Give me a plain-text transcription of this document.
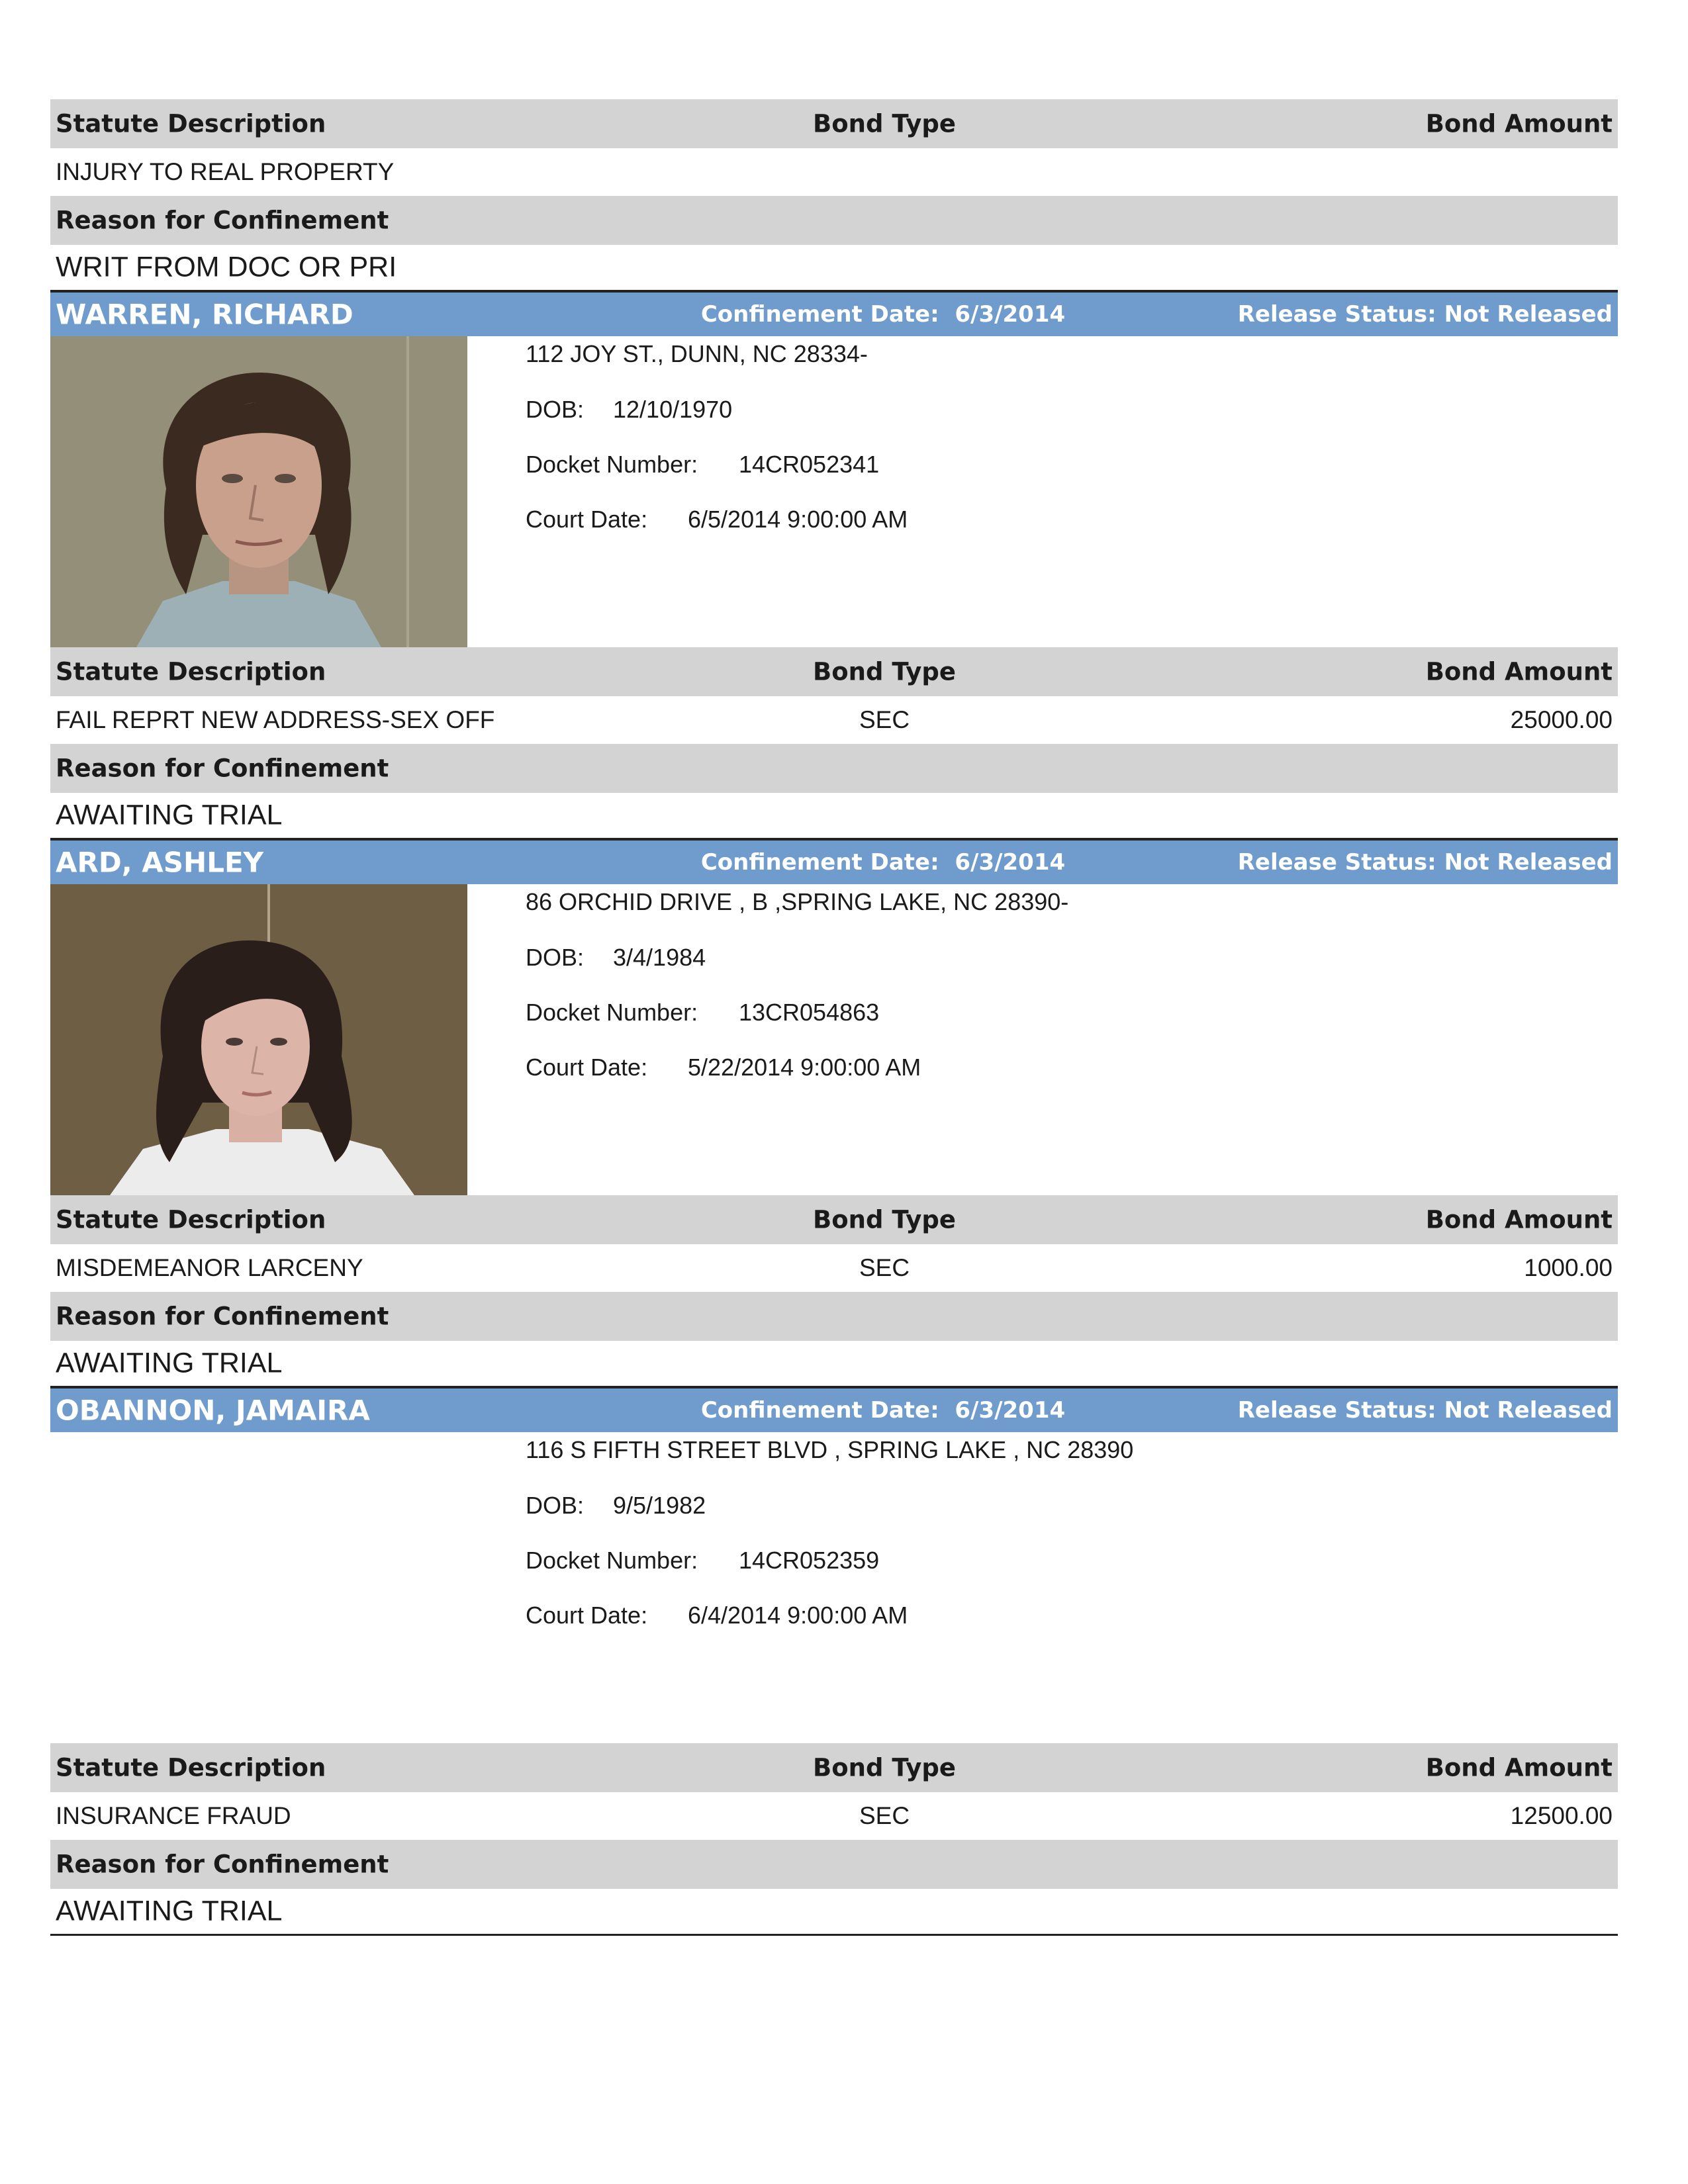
Statute Description	Bond Type	Bond Amount
INJURY TO REAL PROPERTY
Reason for Confinement
WRIT FROM DOC OR PRI
WARREN, RICHARD	Confinement Date: 6/3/2014	Release Status: Not Released
112 JOY ST., DUNN, NC 28334-
DOB: 12/10/1970
Docket Number: 14CR052341
Court Date: 6/5/2014 9:00:00 AM
Statute Description	Bond Type	Bond Amount
FAIL REPRT NEW ADDRESS-SEX OFF	SEC	25000.00
Reason for Confinement
AWAITING TRIAL
ARD, ASHLEY	Confinement Date: 6/3/2014	Release Status: Not Released
86 ORCHID DRIVE , B ,SPRING LAKE, NC 28390-
DOB: 3/4/1984
Docket Number: 13CR054863
Court Date: 5/22/2014 9:00:00 AM
Statute Description	Bond Type	Bond Amount
MISDEMEANOR LARCENY	SEC	1000.00
Reason for Confinement
AWAITING TRIAL
OBANNON, JAMAIRA	Confinement Date: 6/3/2014	Release Status: Not Released
116 S FIFTH STREET BLVD , SPRING LAKE , NC 28390
DOB: 9/5/1982
Docket Number: 14CR052359
Court Date: 6/4/2014 9:00:00 AM
Statute Description	Bond Type	Bond Amount
INSURANCE FRAUD	SEC	12500.00
Reason for Confinement
AWAITING TRIAL
